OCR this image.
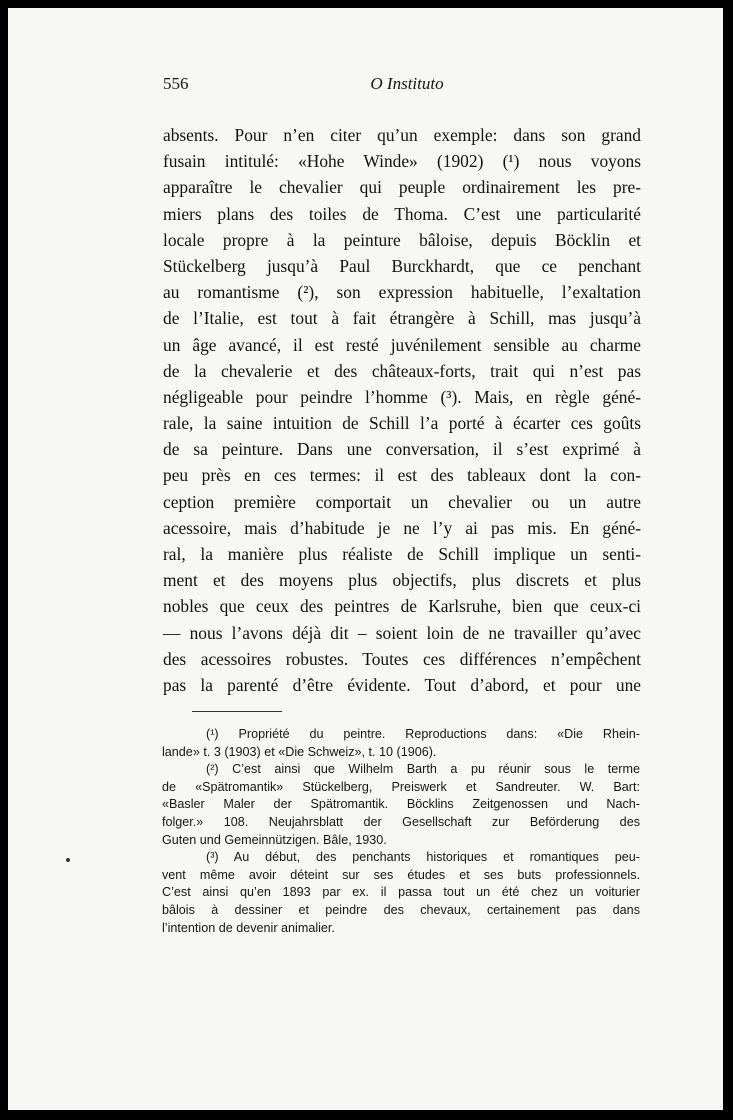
556	O Instituto
absents. Pour n’en citer qu’un exemple: dans son grand
fusain intitulé: «Hohe Winde» (1902) (¹) nous voyons
apparaître le chevalier qui peuple ordinairement les pre-
miers plans des toiles de Thoma. C’est une particularité
locale propre à la peinture bâloise, depuis Böcklin et
Stückelberg jusqu’à Paul Burckhardt, que ce penchant
au romantisme (²), son expression habituelle, l’exaltation
de l’Italie, est tout à fait étrangère à Schill, mas jusqu’à
un âge avancé, il est resté juvénilement sensible au charme
de la chevalerie et des châteaux-forts, trait qui n’est pas
négligeable pour peindre l’homme (³). Mais, en règle géné-
rale, la saine intuition de Schill l’a porté à écarter ces goûts
de sa peinture. Dans une conversation, il s’est exprimé à
peu près en ces termes: il est des tableaux dont la con-
ception première comportait un chevalier ou un autre
acessoire, mais d’habitude je ne l’y ai pas mis. En géné-
ral, la manière plus réaliste de Schill implique un senti-
ment et des moyens plus objectifs, plus discrets et plus
nobles que ceux des peintres de Karlsruhe, bien que ceux-ci
— nous l’avons déjà dit – soient loin de ne travailler qu’avec
des acessoires robustes. Toutes ces différences n’empêchent
pas la parenté d’être évidente. Tout d’abord, et pour une
(¹) Propriété du peintre. Reproductions dans: «Die Rhein-
lande» t. 3 (1903) et «Die Schweiz», t. 10 (1906).
(²) C’est ainsi que Wilhelm Barth a pu réunir sous le terme
de «Spätromantik» Stückelberg, Preiswerk et Sandreuter. W. Bart:
«Basler Maler der Spätromantik. Böcklins Zeitgenossen und Nach-
folger.» 108. Neujahrsblatt der Gesellschaft zur Beförderung des
Guten und Gemeinnützigen. Bâle, 1930.
(³) Au début, des penchants historiques et romantiques peu-
vent même avoir déteint sur ses études et ses buts professionnels.
C’est ainsi qu’en 1893 par ex. il passa tout un été chez un voiturier
bâlois à dessiner et peindre des chevaux, certainement pas dans
l’intention de devenir animalier.
